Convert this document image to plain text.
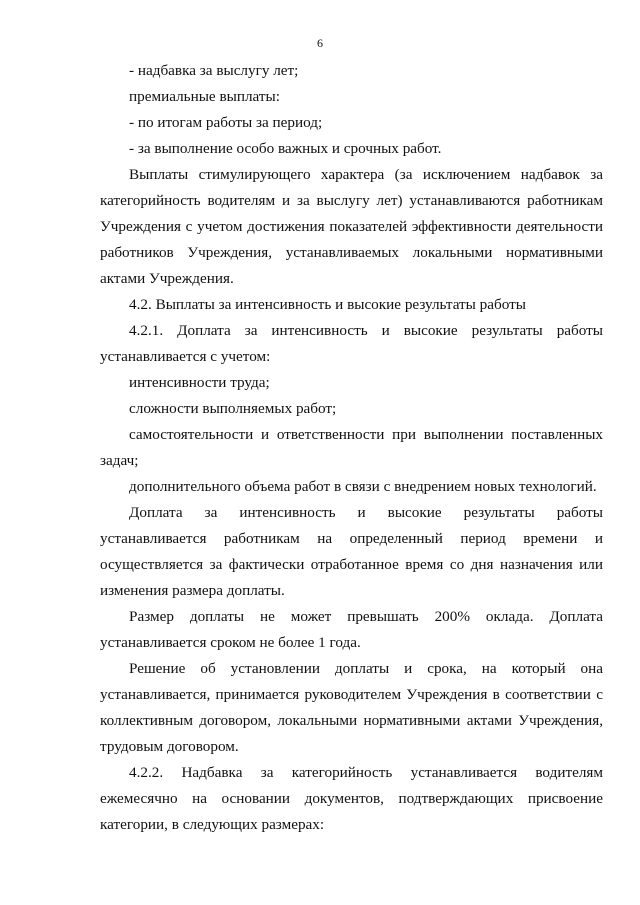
6

- надбавка за выслугу лет;

премиальные выплаты:

- по итогам работы за период;

- за выполнение особо важных и срочных работ.

Выплаты стимулирующего характера (за исключением надбавок за категорийность водителям и за выслугу лет) устанавливаются работникам Учреждения с учетом достижения показателей эффективности деятельности работников Учреждения, устанавливаемых локальными нормативными актами Учреждения.

4.2. Выплаты за интенсивность и высокие результаты работы

4.2.1. Доплата за интенсивность и высокие результаты работы устанавливается с учетом:

интенсивности труда;

сложности выполняемых работ;

самостоятельности и ответственности при выполнении поставленных задач;

дополнительного объема работ в связи с внедрением новых технологий.

Доплата за интенсивность и высокие результаты работы устанавливается работникам на определенный период времени и осуществляется за фактически отработанное время со дня назначения или изменения размера доплаты.

Размер доплаты не может превышать 200% оклада. Доплата устанавливается сроком не более 1 года.

Решение об установлении доплаты и срока, на который она устанавливается, принимается руководителем Учреждения в соответствии с коллективным договором, локальными нормативными актами Учреждения, трудовым договором.

4.2.2. Надбавка за категорийность устанавливается водителям ежемесячно на основании документов, подтверждающих присвоение категории, в следующих размерах:
